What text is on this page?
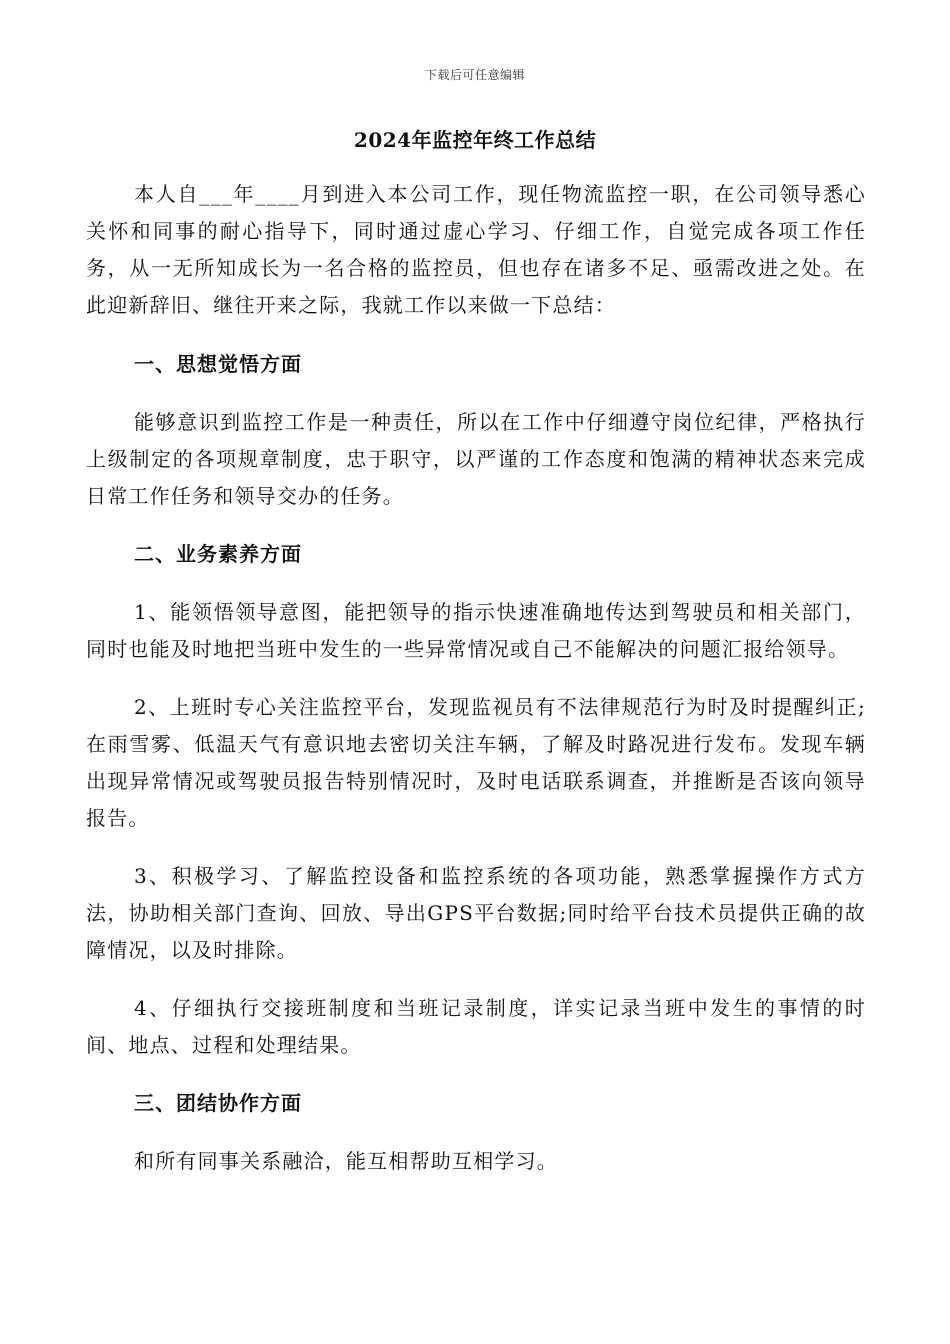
下载后可任意编辑
2024年监控年终工作总结

本人自___年____月到进入本公司工作，现任物流监控一职，在公司领导悉心关怀和同事的耐心指导下，同时通过虚心学习、仔细工作，自觉完成各项工作任务，从一无所知成长为一名合格的监控员，但也存在诸多不足、亟需改进之处。在此迎新辞旧、继往开来之际，我就工作以来做一下总结：

一、思想觉悟方面

能够意识到监控工作是一种责任，所以在工作中仔细遵守岗位纪律，严格执行上级制定的各项规章制度，忠于职守，以严谨的工作态度和饱满的精神状态来完成日常工作任务和领导交办的任务。

二、业务素养方面

1、能领悟领导意图，能把领导的指示快速准确地传达到驾驶员和相关部门，同时也能及时地把当班中发生的一些异常情况或自己不能解决的问题汇报给领导。

2、上班时专心关注监控平台，发现监视员有不法律规范行为时及时提醒纠正;在雨雪雾、低温天气有意识地去密切关注车辆，了解及时路况进行发布。发现车辆出现异常情况或驾驶员报告特别情况时，及时电话联系调查，并推断是否该向领导报告。

3、积极学习、了解监控设备和监控系统的各项功能，熟悉掌握操作方式方法，协助相关部门查询、回放、导出GPS平台数据;同时给平台技术员提供正确的故障情况，以及时排除。

4、仔细执行交接班制度和当班记录制度，详实记录当班中发生的事情的时间、地点、过程和处理结果。

三、团结协作方面

和所有同事关系融洽，能互相帮助互相学习。
